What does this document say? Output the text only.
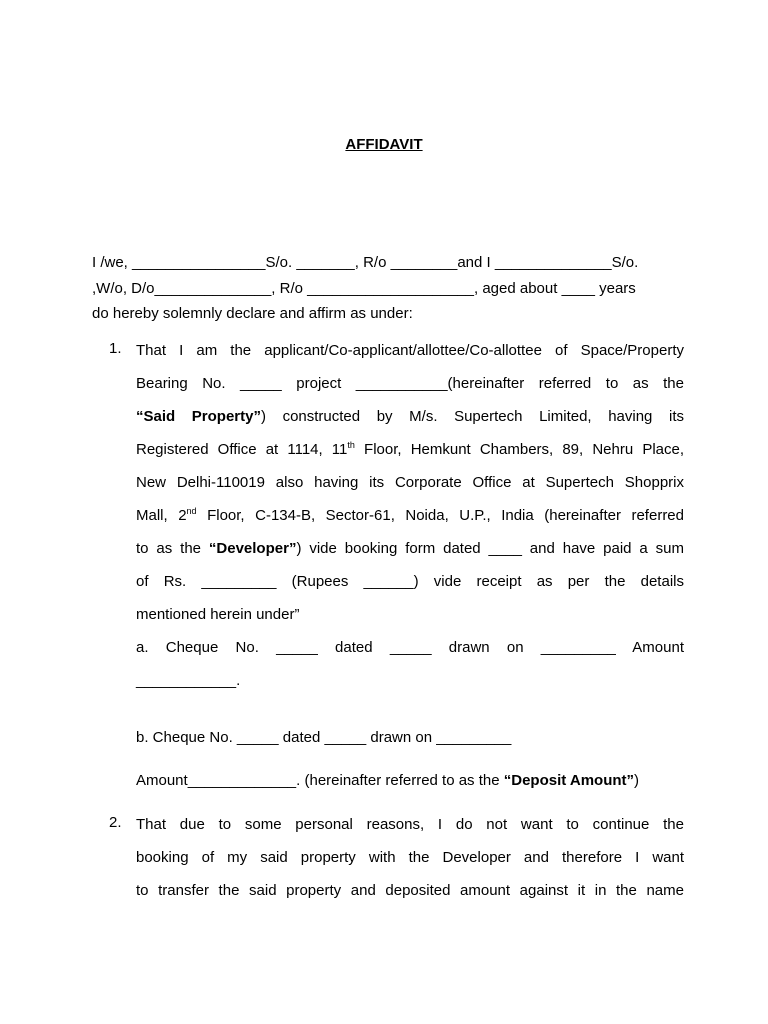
AFFIDAVIT
I /we, ________________S/o. _______, R/o ________and I ______________S/o.
,W/o, D/o______________, R/o ____________________, aged about ____ years
do hereby solemnly declare and affirm as under:
1. That I am the applicant/Co-applicant/allottee/Co-allottee of Space/Property
Bearing No. _____ project ___________(hereinafter referred to as the
“Said Property”) constructed by M/s. Supertech Limited, having its
Registered Office at 1114, 11th Floor, Hemkunt Chambers, 89, Nehru Place,
New Delhi-110019 also having its Corporate Office at Supertech Shopprix
Mall, 2nd Floor, C-134-B, Sector-61, Noida, U.P., India (hereinafter referred
to as the “Developer”) vide booking form dated ____ and have paid a sum
of Rs. _________ (Rupees ______) vide receipt as per the details
mentioned herein under”
a. Cheque No. _____ dated _____ drawn on _________ Amount
____________.
b. Cheque No. _____ dated _____ drawn on _________
Amount_____________. (hereinafter referred to as the “Deposit Amount”)
2. That due to some personal reasons, I do not want to continue the
booking of my said property with the Developer and therefore I want
to transfer the said property and deposited amount against it in the name
